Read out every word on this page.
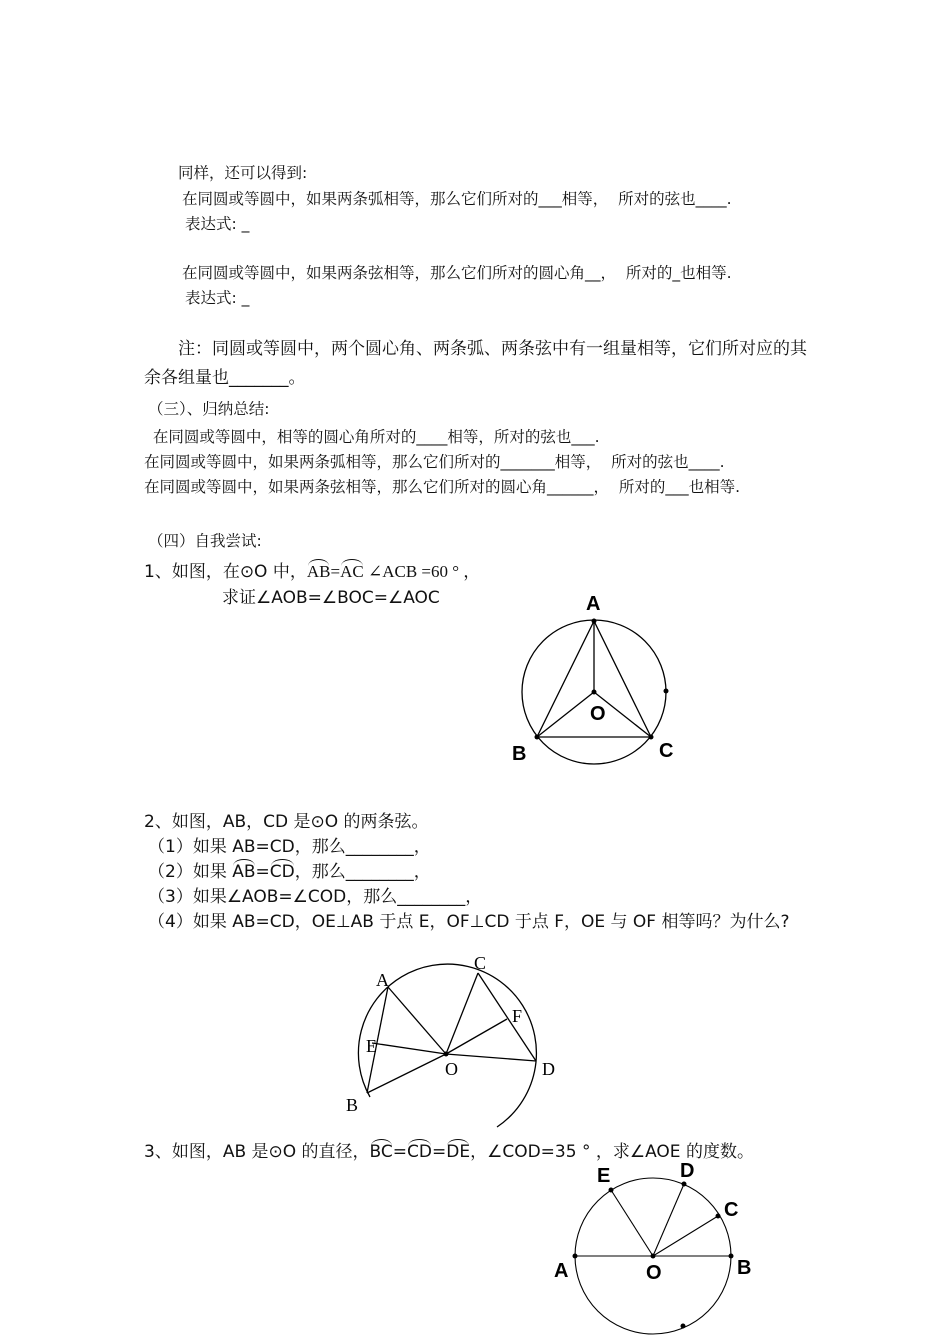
同样，还可以得到:
在同圆或等圆中，如果两条弧相等，那么它们所对的___相等，  所对的弦也____.
表达式: _
在同圆或等圆中，如果两条弦相等，那么它们所对的圆心角__，  所对的_也相等.
表达式: _
注：同圆或等圆中，两个圆心角、两条弧、两条弦中有一组量相等，它们所对应的其
余各组量也_______。
（三）、归纳总结:
在同圆或等圆中，相等的圆心角所对的____相等，所对的弦也___.
在同圆或等圆中，如果两条弧相等，那么它们所对的_______相等，  所对的弦也____.
在同圆或等圆中，如果两条弦相等，那么它们所对的圆心角______，  所对的___也相等.
（四）自我尝试:
1、如图，在⊙O 中，AB=AC ∠ACB =60 ° ，
求证∠AOB=∠BOC=∠AOC
2、如图，AB，CD 是⊙O 的两条弦。
（1）如果 AB=CD，那么________，
（2）如果 AB=CD，那么________，
（3）如果∠AOB=∠COD，那么________，
（4）如果 AB=CD，OE⊥AB 于点 E，OF⊥CD 于点 F，OE 与 OF 相等吗？为什么?
3、如图，AB 是⊙O 的直径，BC=CD=DE，∠COD=35 ° ，求∠AOE 的度数。
A
O
B	C
A
C
F
E
O	D
B
E	D
C
A	O	B
